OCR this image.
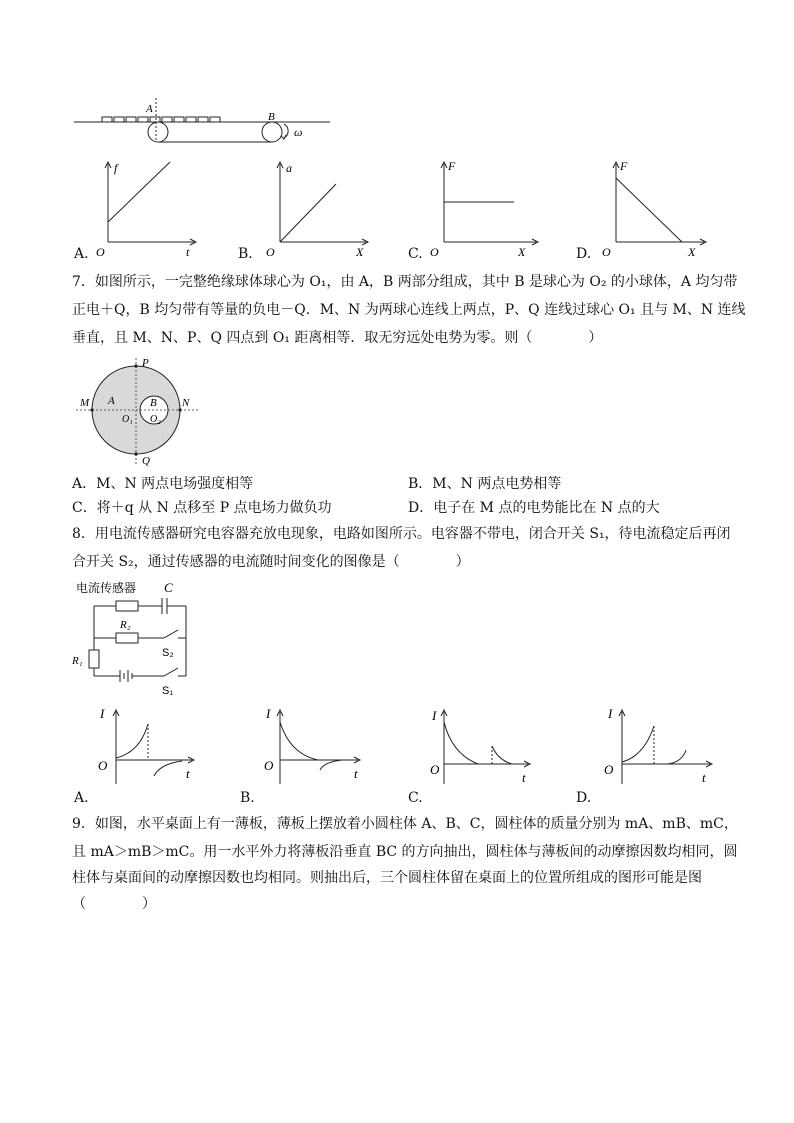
A
B
ω
A.
f
t
O	B.
a
X
O	C.
F
X
O	D.
F
X
O
7．如图所示，一完整绝缘球体球心为 O₁，由 A，B 两部分组成，其中 B 是球心为 O₂ 的小球体，A 均匀带
正电＋Q，B 均匀带有等量的负电－Q．M、N 为两球心连线上两点，P、Q 连线过球心 O₁ 且与 M、N 连线
垂直，且 M、N、P、Q 四点到 O₁ 距离相等．取无穷远处电势为零。则（　　　　）
P
Q
M	N
A	B
O₁ O₂
A．M、N 两点电场强度相等	B．M、N 两点电势相等
C．将＋q 从 N 点移至 P 点电场力做负功	D．电子在 M 点的电势能比在 N 点的大
8．用电流传感器研究电容器充放电现象，电路如图所示。电容器不带电，闭合开关 S₁，待电流稳定后再闭
合开关 S₂，通过传感器的电流随时间变化的图像是（　　　　）
电流传感器 C
R₂
R₁
S₂
S₁
A.
I
t
O
B.
I
t
O
C.
I
t
O
D.
I
t
O
9．如图，水平桌面上有一薄板，薄板上摆放着小圆柱体 A、B、C，圆柱体的质量分别为 mA、mB、mC，
且 mA＞mB＞mC。用一水平外力将薄板沿垂直 BC 的方向抽出，圆柱体与薄板间的动摩擦因数均相同，圆
柱体与桌面间的动摩擦因数也均相同。则抽出后，三个圆柱体留在桌面上的位置所组成的图形可能是图
（　　　　）
